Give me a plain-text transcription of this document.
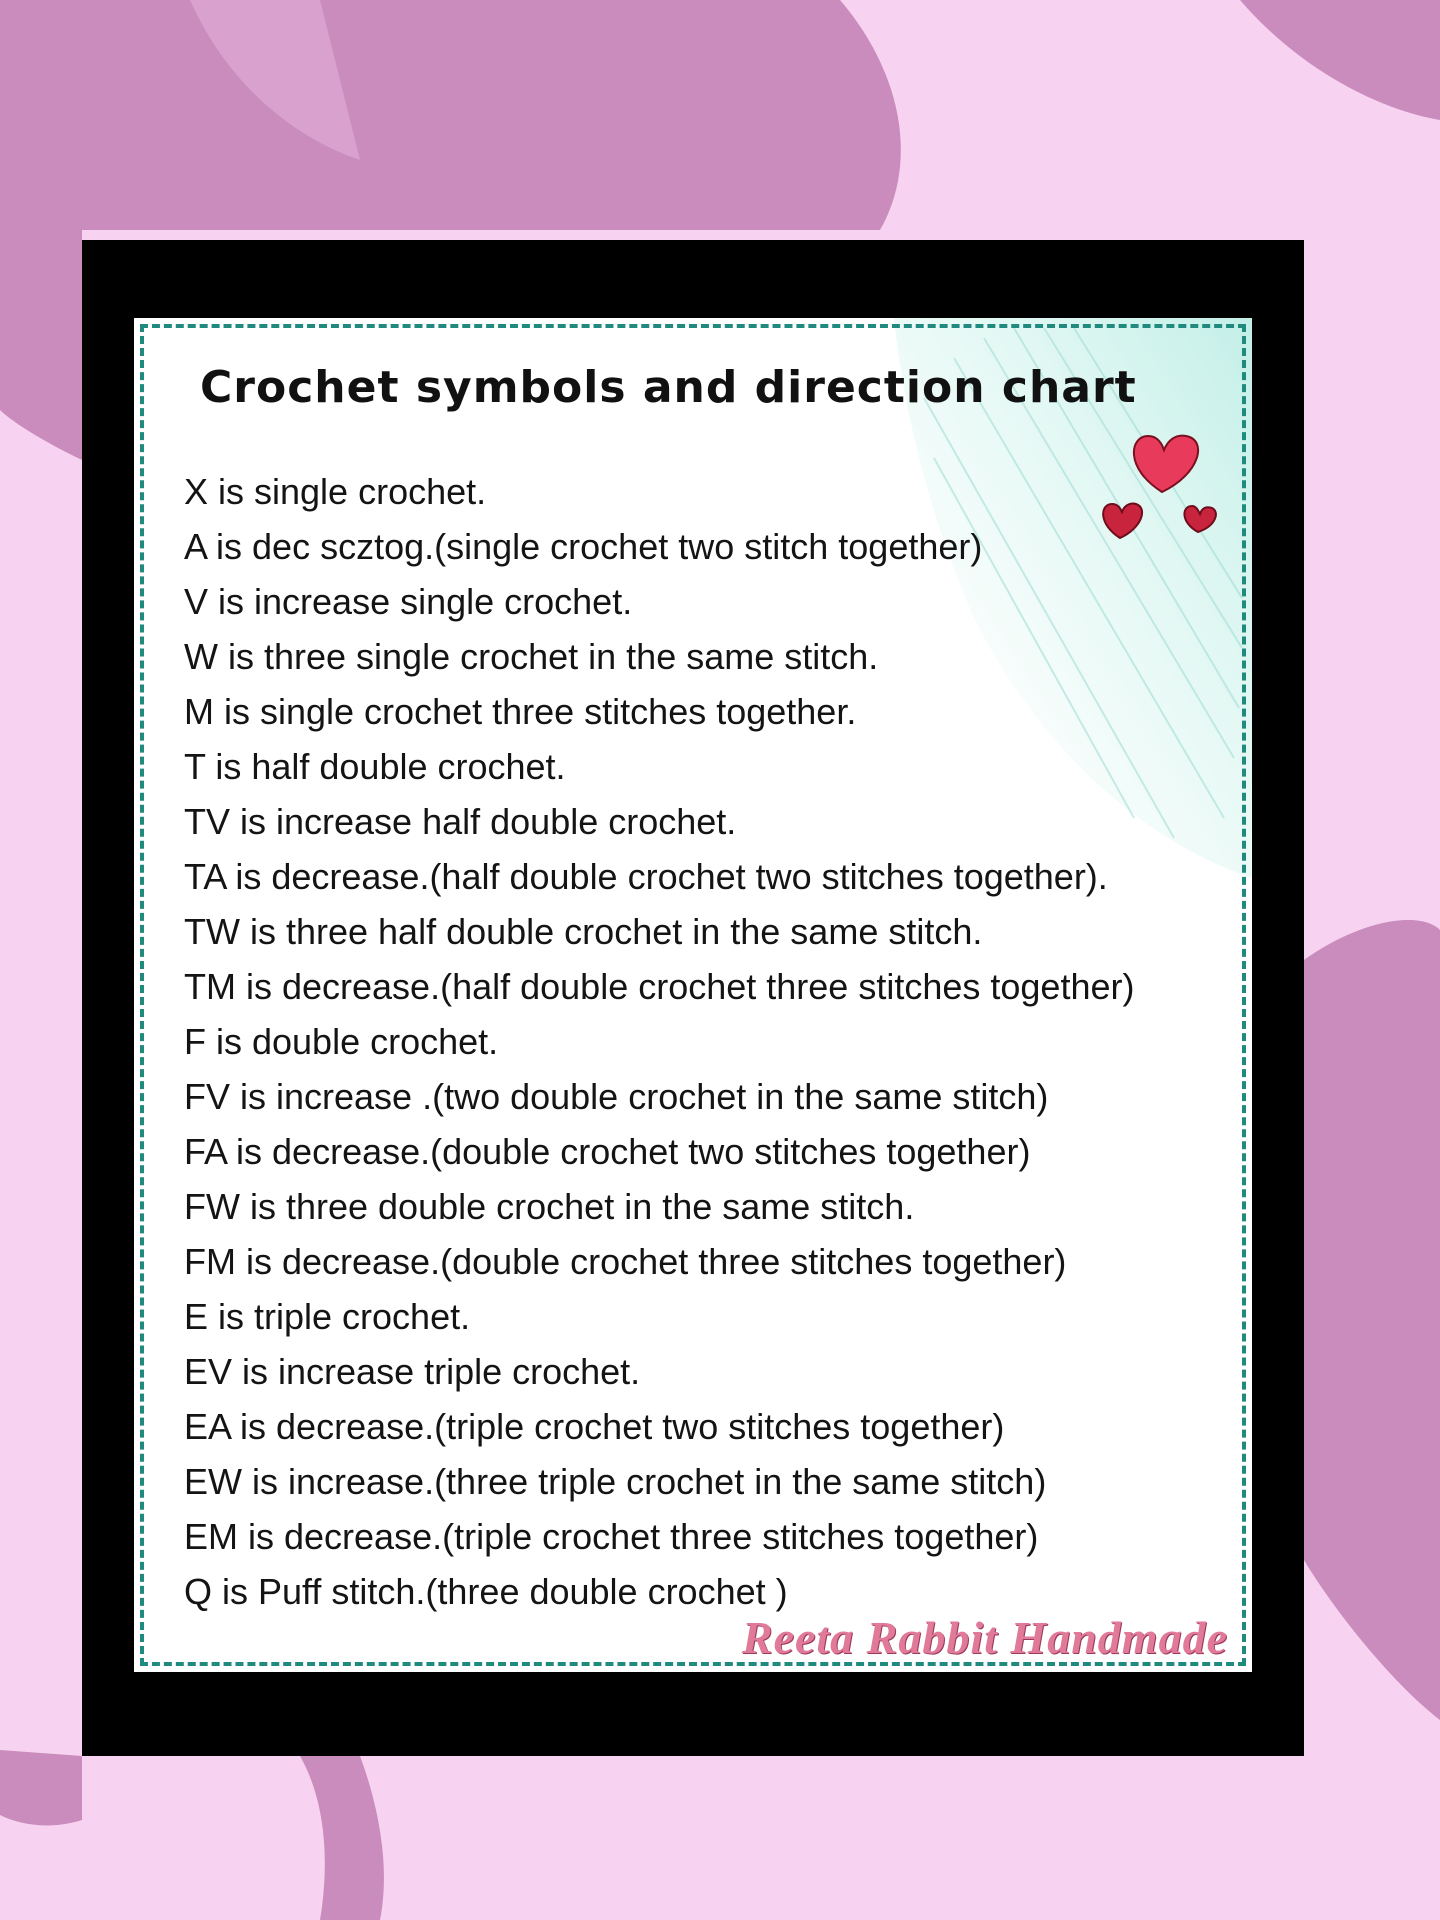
Crochet symbols and direction chart
X is single crochet.
A is dec scztog.(single crochet two stitch together)
V is increase single crochet.
W is three single crochet in the same stitch.
M is single crochet three stitches together.
T is half double crochet.
TV is increase half double crochet.
TA is decrease.(half double crochet two stitches together).
TW is three half double crochet in the same stitch.
TM is decrease.(half double crochet three stitches together)
F is double crochet.
FV is increase .(two double crochet in the same stitch)
FA is decrease.(double crochet two stitches together)
FW is three double crochet in the same stitch.
FM is decrease.(double crochet three stitches together)
E is triple crochet.
EV is increase triple crochet.
EA is decrease.(triple crochet two stitches together)
EW is increase.(three triple crochet in the same stitch)
EM is decrease.(triple crochet three stitches together)
Q is Puff stitch.(three double crochet )
Reeta Rabbit Handmade
